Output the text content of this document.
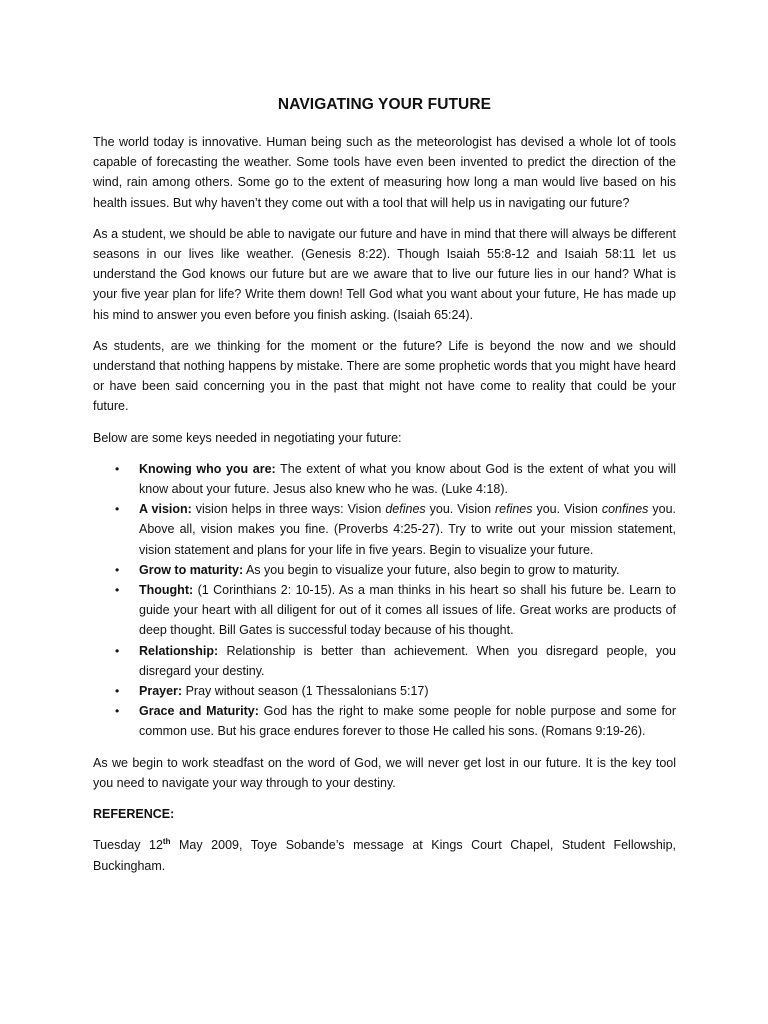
NAVIGATING YOUR FUTURE

The world today is innovative. Human being such as the meteorologist has devised a whole lot of tools capable of forecasting the weather. Some tools have even been invented to predict the direction of the wind, rain among others. Some go to the extent of measuring how long a man would live based on his health issues. But why haven’t they come out with a tool that will help us in navigating our future?

As a student, we should be able to navigate our future and have in mind that there will always be different seasons in our lives like weather. (Genesis 8:22). Though Isaiah 55:8-12 and Isaiah 58:11 let us understand the God knows our future but are we aware that to live our future lies in our hand? What is your five year plan for life? Write them down! Tell God what you want about your future, He has made up his mind to answer you even before you finish asking. (Isaiah 65:24).

As students, are we thinking for the moment or the future? Life is beyond the now and we should understand that nothing happens by mistake. There are some prophetic words that you might have heard or have been said concerning you in the past that might not have come to reality that could be your future.

Below are some keys needed in negotiating your future:

• Knowing who you are: The extent of what you know about God is the extent of what you will know about your future. Jesus also knew who he was. (Luke 4:18).
• A vision: vision helps in three ways: Vision defines you. Vision refines you. Vision confines you. Above all, vision makes you fine. (Proverbs 4:25-27). Try to write out your mission statement, vision statement and plans for your life in five years. Begin to visualize your future.
• Grow to maturity: As you begin to visualize your future, also begin to grow to maturity.
• Thought: (1 Corinthians 2: 10-15). As a man thinks in his heart so shall his future be. Learn to guide your heart with all diligent for out of it comes all issues of life. Great works are products of deep thought. Bill Gates is successful today because of his thought.
• Relationship: Relationship is better than achievement. When you disregard people, you disregard your destiny.
• Prayer: Pray without season (1 Thessalonians 5:17)
• Grace and Maturity: God has the right to make some people for noble purpose and some for common use. But his grace endures forever to those He called his sons. (Romans 9:19-26).

As we begin to work steadfast on the word of God, we will never get lost in our future. It is the key tool you need to navigate your way through to your destiny.

REFERENCE:

Tuesday 12th May 2009, Toye Sobande’s message at Kings Court Chapel, Student Fellowship, Buckingham.
